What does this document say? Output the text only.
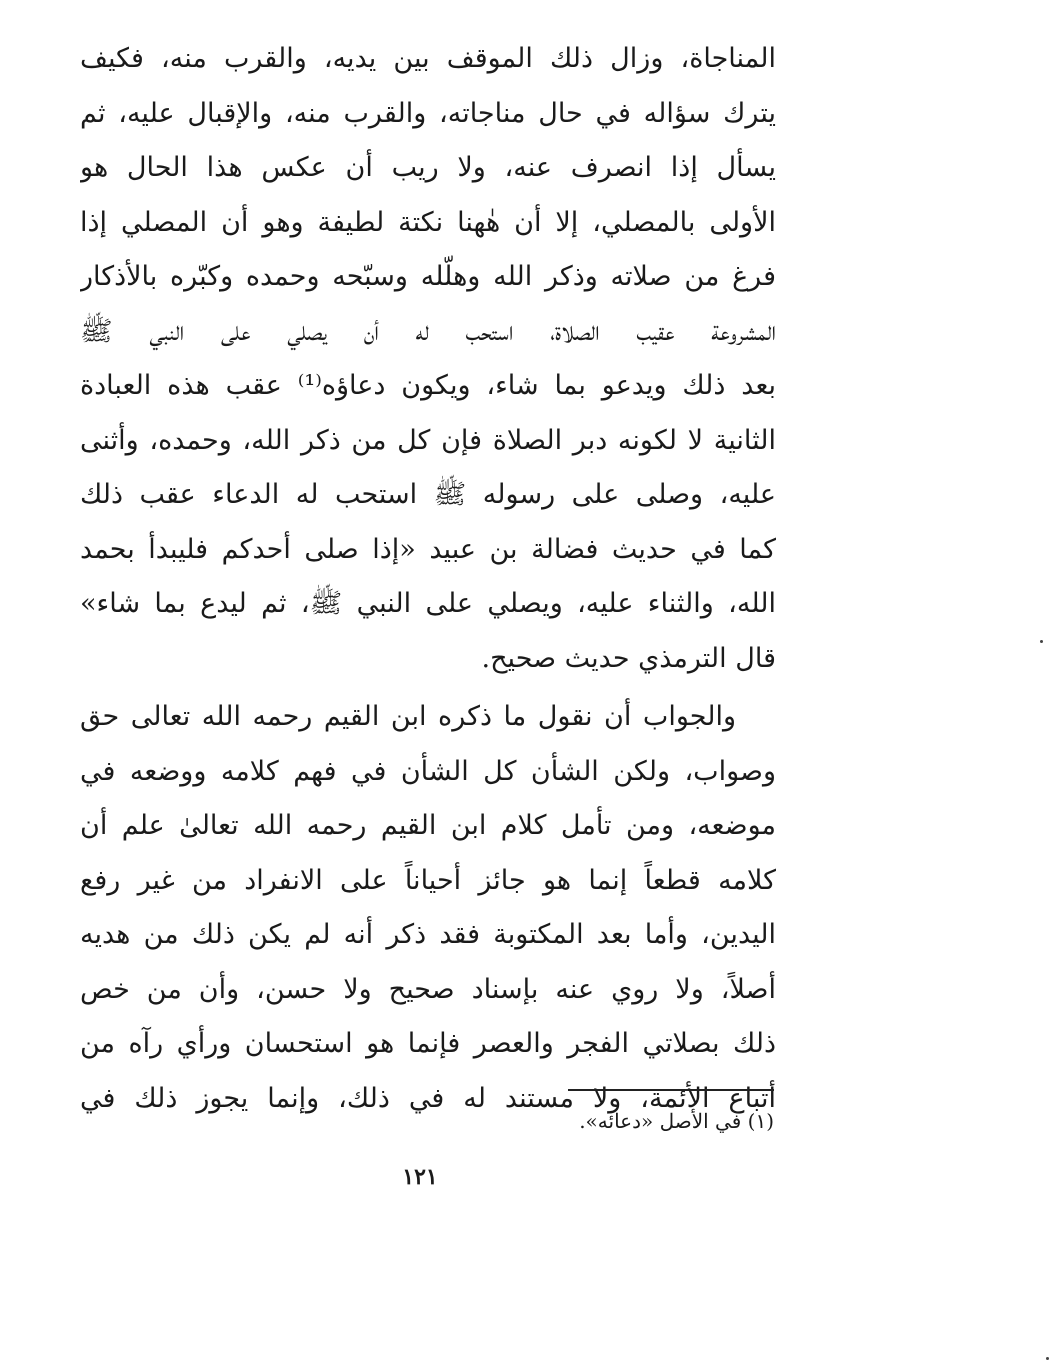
المناجاة، وزال ذلك الموقف بين يديه، والقرب منه، فكيف
يترك سؤاله في حال مناجاته، والقرب منه، والإقبال عليه، ثم
يسأل إذا انصرف عنه، ولا ريب أن عكس هذا الحال هو
الأولى بالمصلي، إلا أن هٰهنا نكتة لطيفة وهو أن المصلي إذا
فرغ من صلاته وذكر الله وهلّله وسبّحه وحمده وكبّره بالأذكار
المشروعة عقيب الصلاة، استحب له أن يصلي على النبي ﷺ
بعد ذلك ويدعو بما شاء، ويكون دعاؤه⁽¹⁾ عقب هذه العبادة
الثانية لا لكونه دبر الصلاة فإن كل من ذكر الله، وحمده، وأثنى
عليه، وصلى على رسوله ﷺ استحب له الدعاء عقب ذلك
كما في حديث فضالة بن عبيد «إذا صلى أحدكم فليبدأ بحمد
الله، والثناء عليه، ويصلي على النبي ﷺ، ثم ليدع بما شاء»
قال الترمذي حديث صحيح.
والجواب أن نقول ما ذكره ابن القيم رحمه الله تعالى حق
وصواب، ولكن الشأن كل الشأن في فهم كلامه ووضعه في
موضعه، ومن تأمل كلام ابن القيم رحمه الله تعالىٰ علم أن
كلامه قطعاً إنما هو جائز أحياناً على الانفراد من غير رفع
اليدين، وأما بعد المكتوبة فقد ذكر أنه لم يكن ذلك من هديه
أصلاً، ولا روي عنه بإسناد صحيح ولا حسن، وأن من خص
ذلك بصلاتي الفجر والعصر فإنما هو استحسان ورأي رآه من
أتباع الأئمة، ولا مستند له في ذلك، وإنما يجوز ذلك في
(١) في الأصل «دعائه».
١٢١
